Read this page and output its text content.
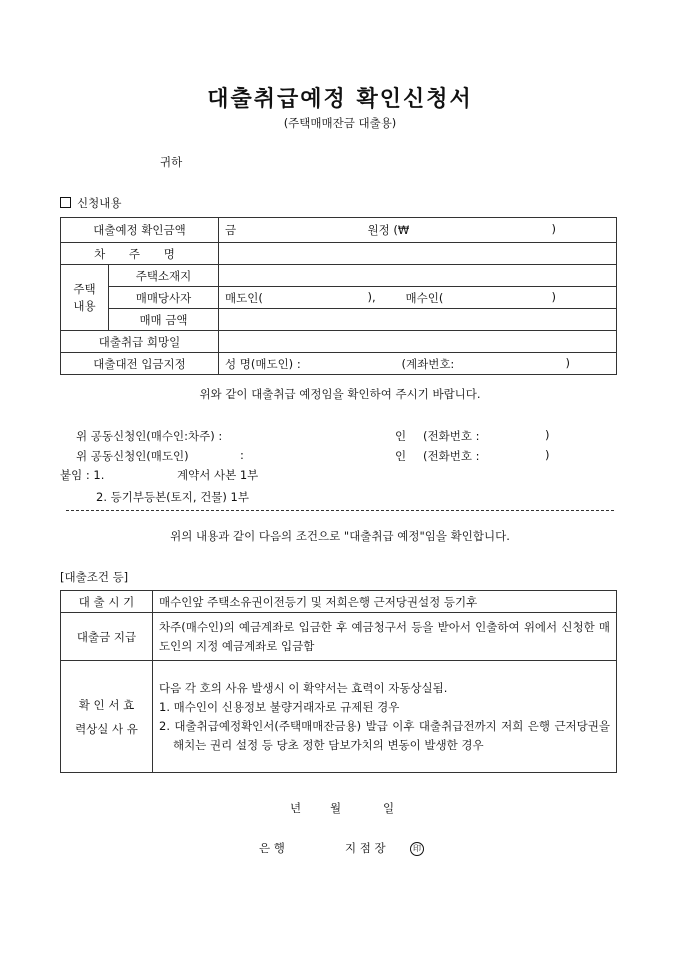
대출취급예정 확인신청서
(주택매매잔금 대출용)
귀하
신청내용
대출예정 확인금액		금 원정 (₩ )

차 주 명		
주택 내용	주택소재지	
	매매당사자	매도인( ), 매수인( )

	매매 금액	
대출취급 희망일		
대출대전 입금지정		성 명(매도인) : (계좌번호: )
위와 같이 대출취급 예정임을 확인하여 주시기 바랍니다.
위 공동신청인(매수인:차주) :	인 (전화번호 :	)
위 공동신청인(매도인)	:	인 (전화번호 :	)
붙임 : 1.	계약서 사본 1부
2. 등기부등본(토지, 건물) 1부
위의 내용과 같이 다음의 조건으로 "대출취급 예정"임을 확인합니다.
[대출조건 등]
대 출 시 기	매수인앞 주택소유권이전등기 및 저희은행 근저당권설정 등기후
대출금 지급	차주(매수인)의 예금계좌로 입금한 후 예금청구서 등을 받아서 인출하여 위에서 신청한 매도인의 지정 예금계좌로 입금함
확 인 서 효력상실 사 유	다음 각 호의 사유 발생시 이 확약서는 효력이 자동상실됨.
1. 매수인이 신용정보 불량거래자로 규제된 경우
2. 대출취급예정확인서(주택매매잔금용) 발급 이후 대출취급전까지 저희 은행 근저당권을 해치는 권리 설정 등 당초 정한 담보가치의 변동이 발생한 경우
년	월	일
은 행	지 점 장	印
